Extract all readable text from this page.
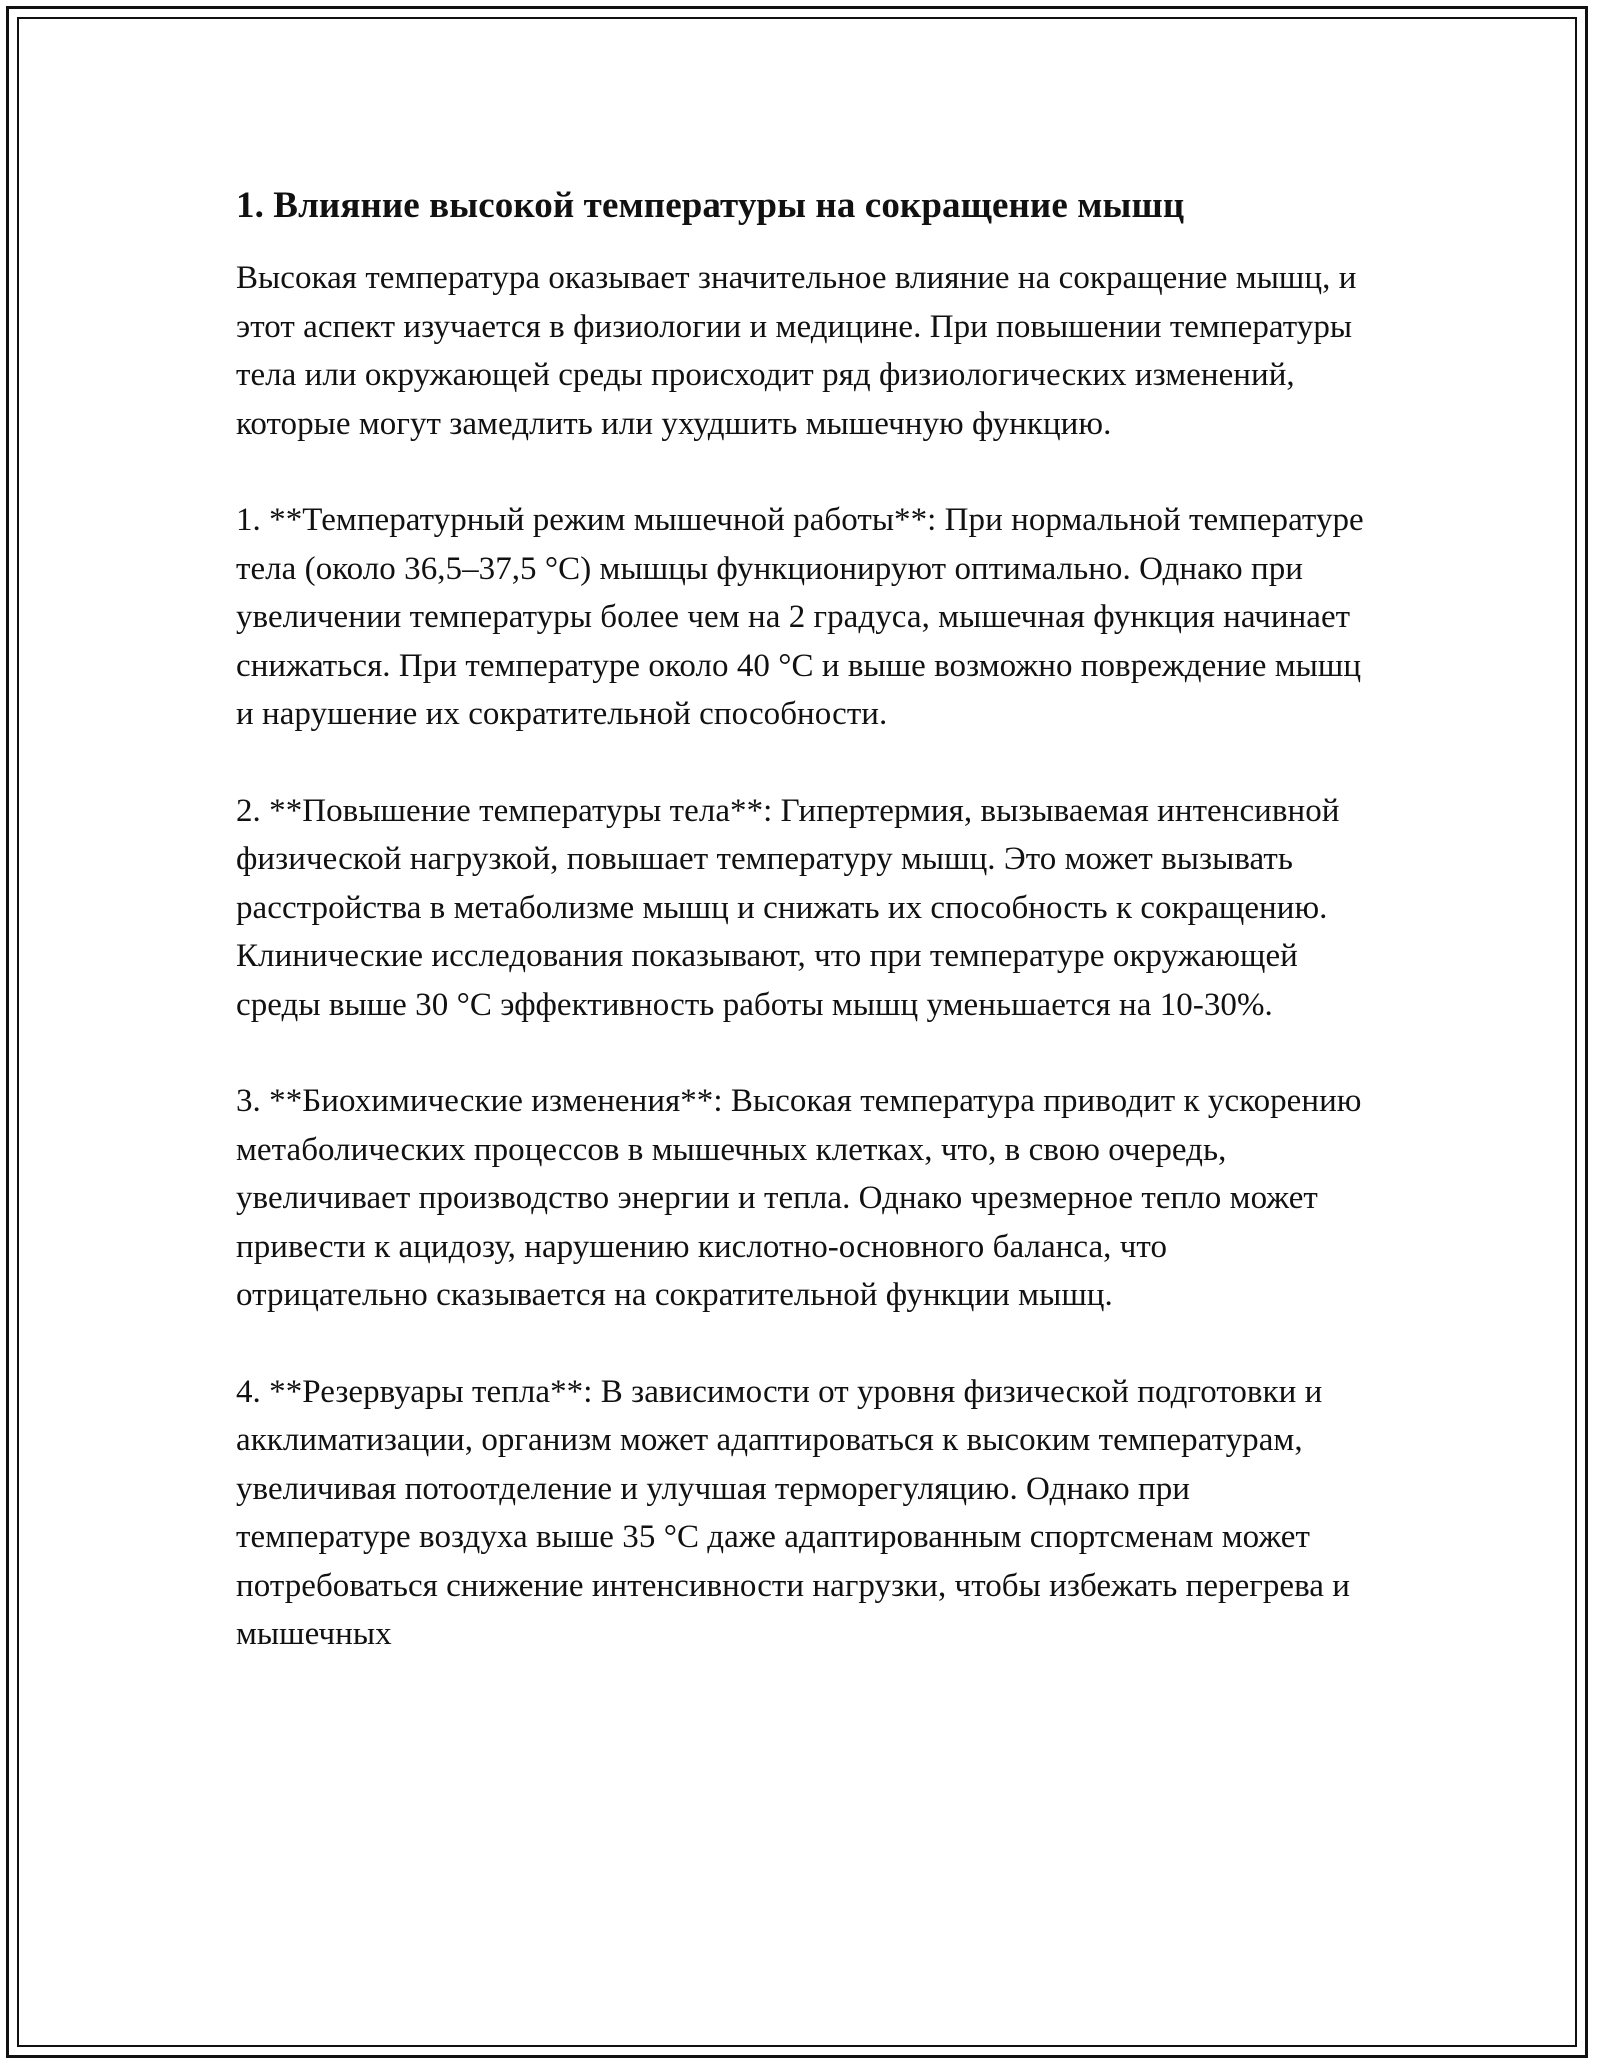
1. Влияние высокой температуры на сокращение мышц

Высокая температура оказывает значительное влияние на сокращение мышц, и этот аспект изучается в физиологии и медицине. При повышении температуры тела или окружающей среды происходит ряд физиологических изменений, которые могут замедлить или ухудшить мышечную функцию.

1. **Температурный режим мышечной работы**: При нормальной температуре тела (около 36,5–37,5 °C) мышцы функционируют оптимально. Однако при увеличении температуры более чем на 2 градуса, мышечная функция начинает снижаться. При температуре около 40 °C и выше возможно повреждение мышц и нарушение их сократительной способности.

2. **Повышение температуры тела**: Гипертермия, вызываемая интенсивной физической нагрузкой, повышает температуру мышц. Это может вызывать расстройства в метаболизме мышц и снижать их способность к сокращению. Клинические исследования показывают, что при температуре окружающей среды выше 30 °C эффективность работы мышц уменьшается на 10-30%.

3. **Биохимические изменения**: Высокая температура приводит к ускорению метаболических процессов в мышечных клетках, что, в свою очередь, увеличивает производство энергии и тепла. Однако чрезмерное тепло может привести к ацидозу, нарушению кислотно-основного баланса, что отрицательно сказывается на сократительной функции мышц.

4. **Резервуары тепла**: В зависимости от уровня физической подготовки и акклиматизации, организм может адаптироваться к высоким температурам, увеличивая потоотделение и улучшая терморегуляцию. Однако при температуре воздуха выше 35 °C даже адаптированным спортсменам может потребоваться снижение интенсивности нагрузки, чтобы избежать перегрева и мышечных
